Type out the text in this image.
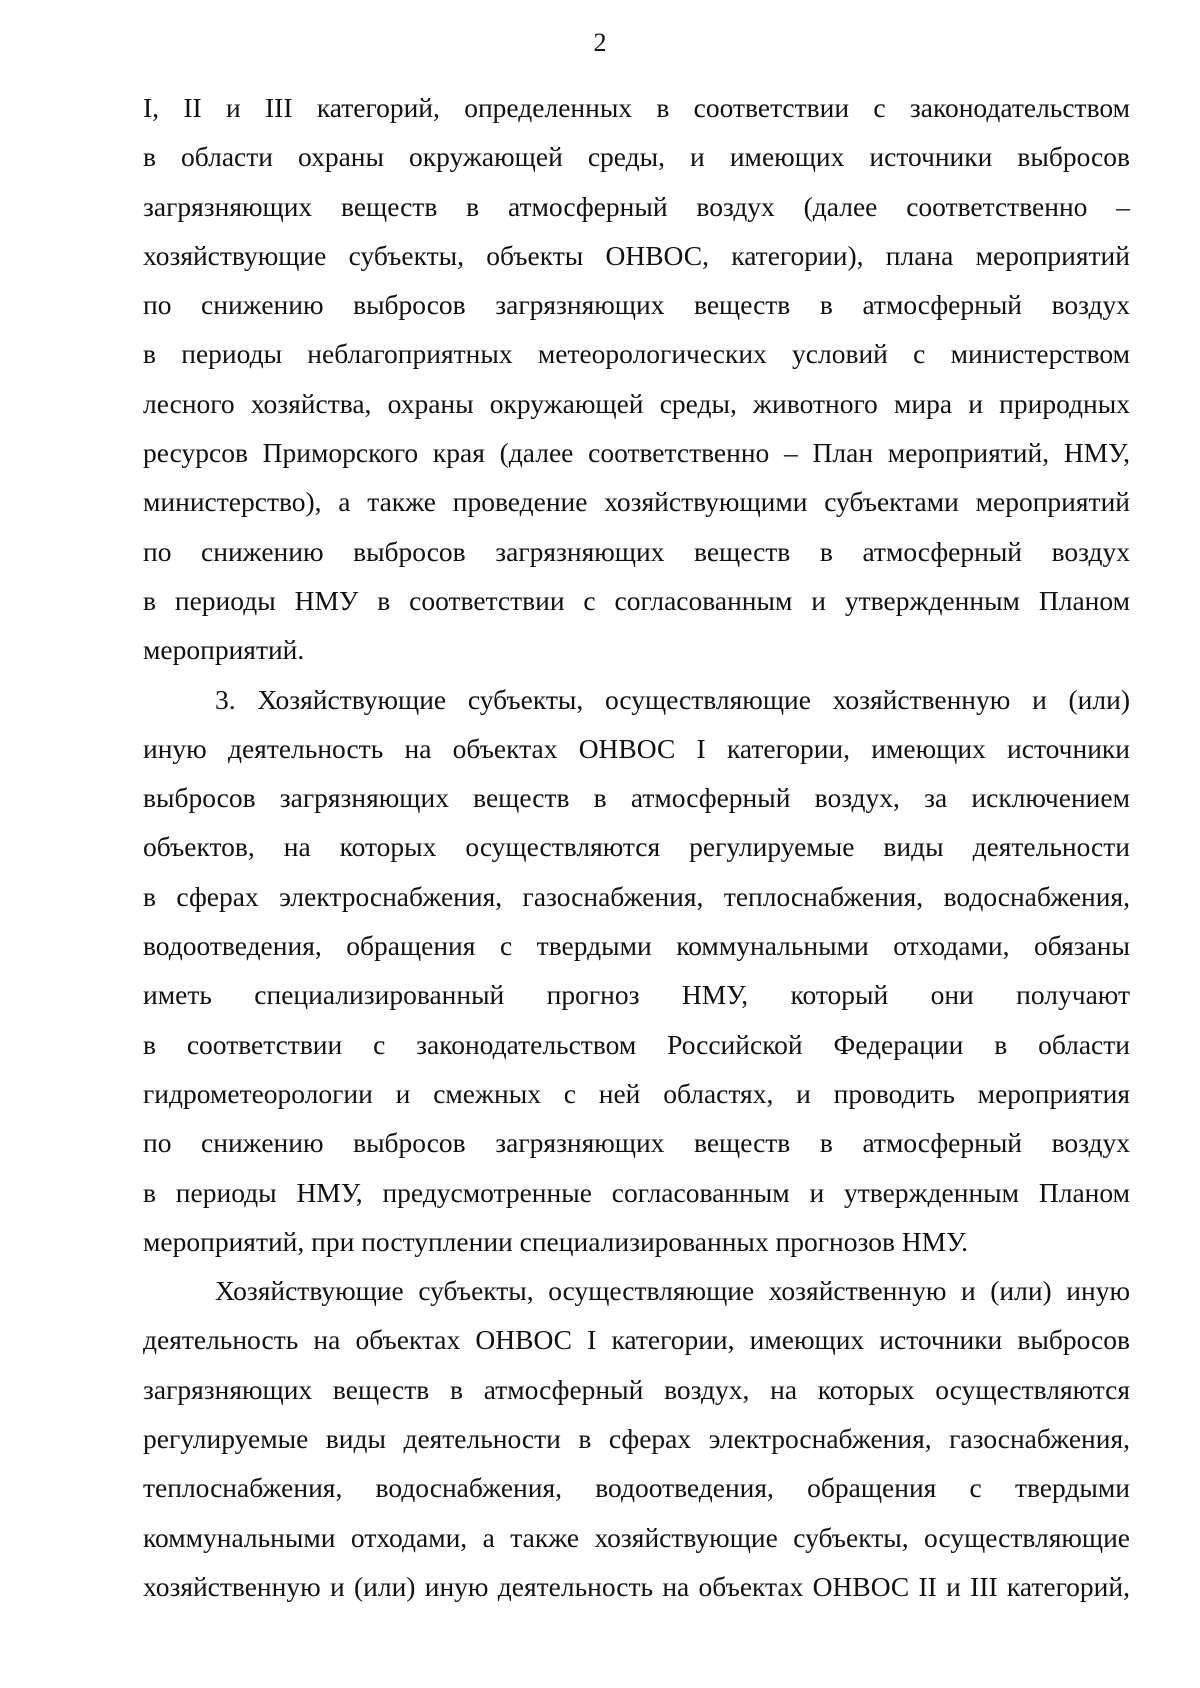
2
I, II и III категорий, определенных в соответствии с законодательством
в области охраны окружающей среды, и имеющих источники выбросов
загрязняющих веществ в атмосферный воздух (далее соответственно –
хозяйствующие субъекты, объекты ОНВОС, категории), плана мероприятий
по снижению выбросов загрязняющих веществ в атмосферный воздух
в периоды неблагоприятных метеорологических условий с министерством
лесного хозяйства, охраны окружающей среды, животного мира и природных
ресурсов Приморского края (далее соответственно – План мероприятий, НМУ,
министерство), а также проведение хозяйствующими субъектами мероприятий
по снижению выбросов загрязняющих веществ в атмосферный воздух
в периоды НМУ в соответствии с согласованным и утвержденным Планом
мероприятий.
3. Хозяйствующие субъекты, осуществляющие хозяйственную и (или)
иную деятельность на объектах ОНВОС I категории, имеющих источники
выбросов загрязняющих веществ в атмосферный воздух, за исключением
объектов, на которых осуществляются регулируемые виды деятельности
в сферах электроснабжения, газоснабжения, теплоснабжения, водоснабжения,
водоотведения, обращения с твердыми коммунальными отходами, обязаны
иметь специализированный прогноз НМУ, который они получают
в соответствии с законодательством Российской Федерации в области
гидрометеорологии и смежных с ней областях, и проводить мероприятия
по снижению выбросов загрязняющих веществ в атмосферный воздух
в периоды НМУ, предусмотренные согласованным и утвержденным Планом
мероприятий, при поступлении специализированных прогнозов НМУ.
Хозяйствующие субъекты, осуществляющие хозяйственную и (или) иную
деятельность на объектах ОНВОС I категории, имеющих источники выбросов
загрязняющих веществ в атмосферный воздух, на которых осуществляются
регулируемые виды деятельности в сферах электроснабжения, газоснабжения,
теплоснабжения, водоснабжения, водоотведения, обращения с твердыми
коммунальными отходами, а также хозяйствующие субъекты, осуществляющие
хозяйственную и (или) иную деятельность на объектах ОНВОС II и III категорий,
